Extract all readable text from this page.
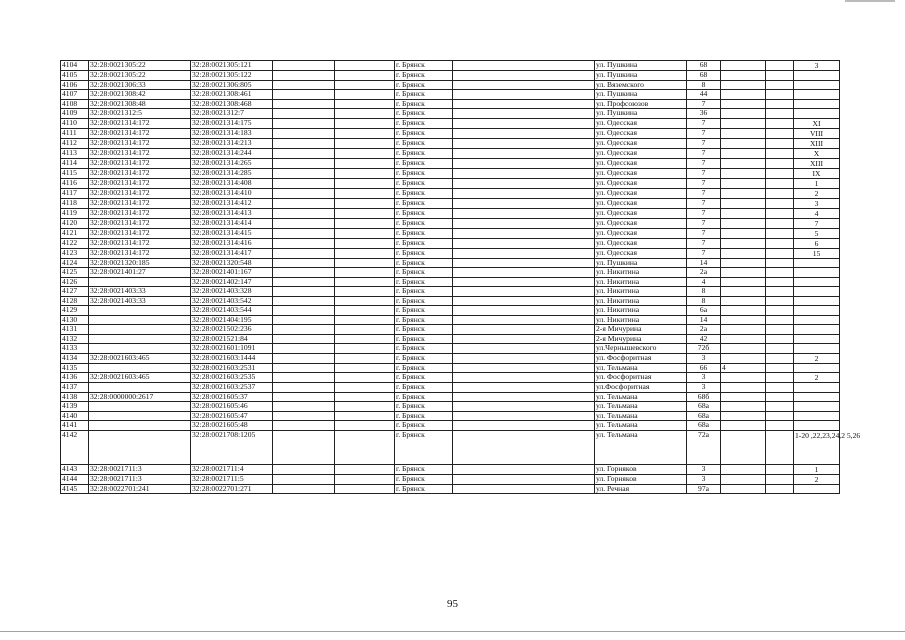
4104	32:28:0021305:22	32:28:0021305:121			г. Брянск		ул. Пушкина	68			3
4105	32:28:0021305:22	32:28:0021305:122			г. Брянск		ул. Пушкина	68			
4106	32:28:0021306:33	32:28:0021306:805			г. Брянск		ул. Вяземского	8			
4107	32:28:0021308:42	32:28:0021308:461			г. Брянск		ул. Пушкина	44			
4108	32:28:0021308:48	32:28:0021308:468			г. Брянск		ул. Профсоюзов	7			
4109	32:28:0021312:5	32:28:0021312:7			г. Брянск		ул. Пушкина	36			
4110	32:28:0021314:172	32:28:0021314:175			г. Брянск		ул. Одесская	7			XI
4111	32:28:0021314:172	32:28:0021314:183			г. Брянск		ул. Одесская	7			VIII
4112	32:28:0021314:172	32:28:0021314:213			г. Брянск		ул. Одесская	7			XIII
4113	32:28:0021314:172	32:28:0021314:244			г. Брянск		ул. Одесская	7			X
4114	32:28:0021314:172	32:28:0021314:265			г. Брянск		ул. Одесская	7			XIII
4115	32:28:0021314:172	32:28:0021314:285			г. Брянск		ул. Одесская	7			IX
4116	32:28:0021314:172	32:28:0021314:408			г. Брянск		ул. Одесская	7			1
4117	32:28:0021314:172	32:28:0021314:410			г. Брянск		ул. Одесская	7			2
4118	32:28:0021314:172	32:28:0021314:412			г. Брянск		ул. Одесская	7			3
4119	32:28:0021314:172	32:28:0021314:413			г. Брянск		ул. Одесская	7			4
4120	32:28:0021314:172	32:28:0021314:414			г. Брянск		ул. Одесская	7			7
4121	32:28:0021314:172	32:28:0021314:415			г. Брянск		ул. Одесская	7			5
4122	32:28:0021314:172	32:28:0021314:416			г. Брянск		ул. Одесская	7			6
4123	32:28:0021314:172	32:28:0021314:417			г. Брянск		ул. Одесская	7			15
4124	32:28:0021320:185	32:28:0021320:548			г. Брянск		ул. Пушкина	14			
4125	32:28:0021401:27	32:28:0021401:167			г. Брянск		ул. Никитина	2а			
4126		32:28:0021402:147			г. Брянск		ул. Никитина	4			
4127	32:28:0021403:33	32:28:0021403:328			г. Брянск		ул. Никитина	8			
4128	32:28:0021403:33	32:28:0021403:542			г. Брянск		ул. Никитина	8			
4129		32:28:0021403:544			г. Брянск		ул. Никитина	6а			
4130		32:28:0021404:195			г. Брянск		ул. Никитина	14			
4131		32:28:0021502:236			г. Брянск		2-я Мичурина	2а			
4132		32:28:0021521:84			г. Брянск		2-я Мичурина	42			
4133		32:28:0021601:1091			г. Брянск		ул.Чернышевского	72б			
4134	32:28:0021603:465	32:28:0021603:1444			г. Брянск		ул. Фосфоритная	3			2
4135		32:28:0021603:2531			г. Брянск		ул. Тельмана	66	4		
4136	32:28:0021603:465	32:28:0021603:2535			г. Брянск		ул. Фосфоритная	3			2
4137		32:28:0021603:2537			г. Брянск		ул.Фосфоритная	3			
4138	32:28:0000000:2617	32:28:0021605:37			г. Брянск		ул. Тельмана	68б			
4139		32:28:0021605:46			г. Брянск		ул. Тельмана	68а			
4140		32:28:0021605:47			г. Брянск		ул. Тельмана	68а			
4141		32:28:0021605:48			г. Брянск		ул. Тельмана	68а			
4142		32:28:0021708:1205			г. Брянск		ул. Тельмана	72а			1-20 ,22,23,24,2 5,26
4143	32:28:0021711:3	32:28:0021711:4			г. Брянск		ул. Горняков	3			1
4144	32:28:0021711:3	32:28:0021711:5			г. Брянск		ул. Горняков	3			2
4145	32:28:0022701:241	32:28:0022701:271			г. Брянск		ул. Речная	97а			
95
